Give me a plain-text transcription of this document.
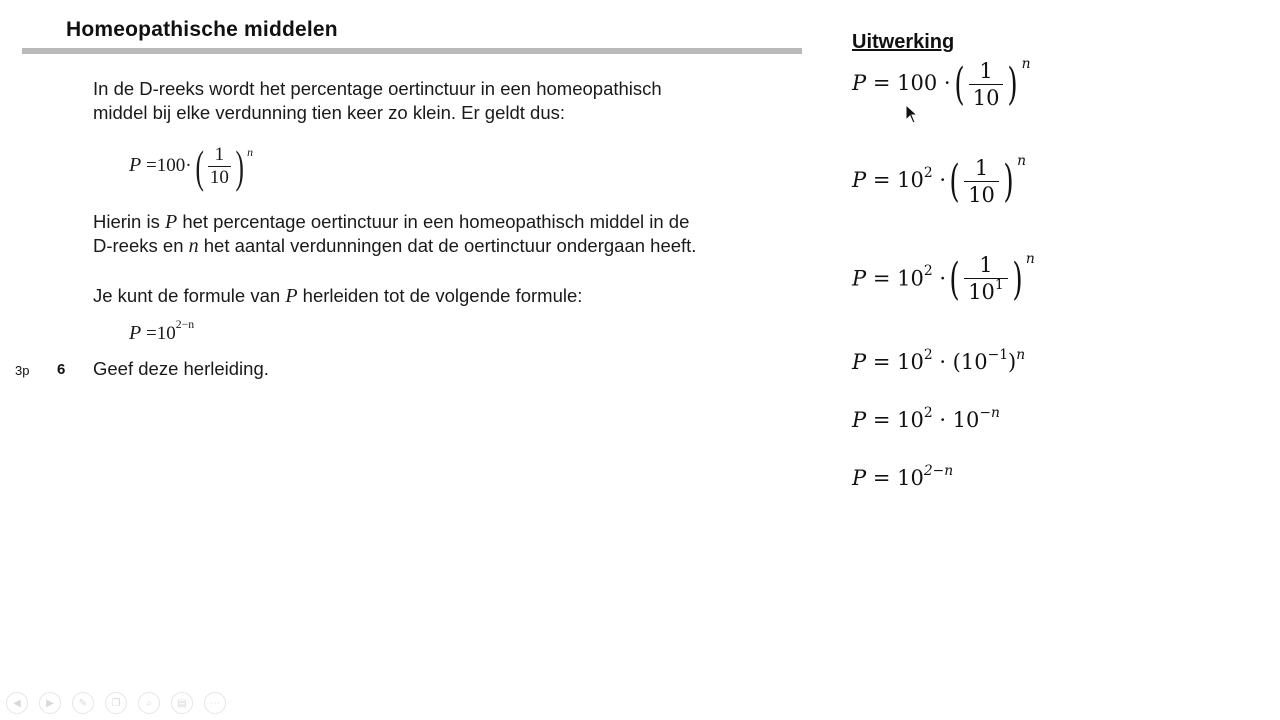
Homeopathische middelen
In de D-reeks wordt het percentage oertinctuur in een homeopathisch
middel bij elke verdunning tien keer zo klein. Er geldt dus:
$P =100\cdot( \frac{1}{10}$ ) $^n$
Hierin is P het percentage oertinctuur in een homeopathisch middel in de
D-reeks en n het aantal verdunningen dat de oertinctuur ondergaan heeft.
Je kunt de formule van P herleiden tot de volgende formule:
$P =10^{2-n}$
3p 6 Geef deze herleiding.
Uitwerking
P = 100 ·( $\frac{1}{10}$ ) $^n$
$P = 10^2$ ·( $\frac{1}{10}$ ) $^n$
$P = 10^2$ ·( $\frac{1}{10^1}$ ) $^n$
$P = 10^2 \cdot (10^{-1})^n$
$P = 10^2 \cdot 10^{-n}$
$P = 10^{2-n}$
◀	▶	✎	❐	⌕	▤	⋯
